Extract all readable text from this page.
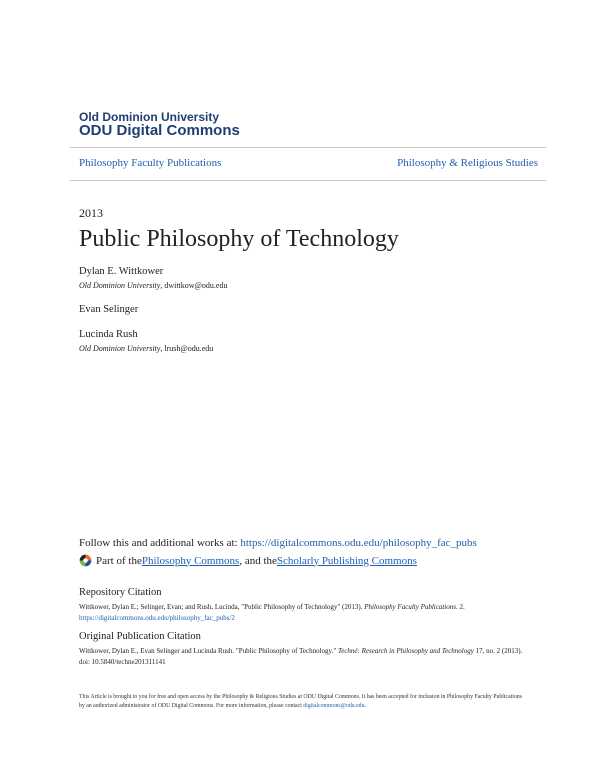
Old Dominion University
ODU Digital Commons
Philosophy Faculty Publications	Philosophy & Religious Studies
2013
Public Philosophy of Technology
Dylan E. Wittkower
Old Dominion University, dwittkow@odu.edu
Evan Selinger
Lucinda Rush
Old Dominion University, lrush@odu.edu
Follow this and additional works at: https://digitalcommons.odu.edu/philosophy_fac_pubs
Part of the Philosophy Commons , and the Scholarly Publishing Commons
Repository Citation
Wittkower, Dylan E.; Selinger, Evan; and Rush, Lucinda, "Public Philosophy of Technology" (2013). Philosophy Faculty Publications. 2.
https://digitalcommons.odu.edu/philosophy_fac_pubs/2
Original Publication Citation
Wittkower, Dylan E., Evan Selinger and Lucinda Rush. "Public Philosophy of Technology." Techné: Research in Philosophy and Technology 17, no. 2 (2013). doi: 10.5840/techne201311141
This Article is brought to you for free and open access by the Philosophy & Religious Studies at ODU Digital Commons. It has been accepted for inclusion in Philosophy Faculty Publications by an authorized administrator of ODU Digital Commons. For more information, please contact digitalcommons@odu.edu.
